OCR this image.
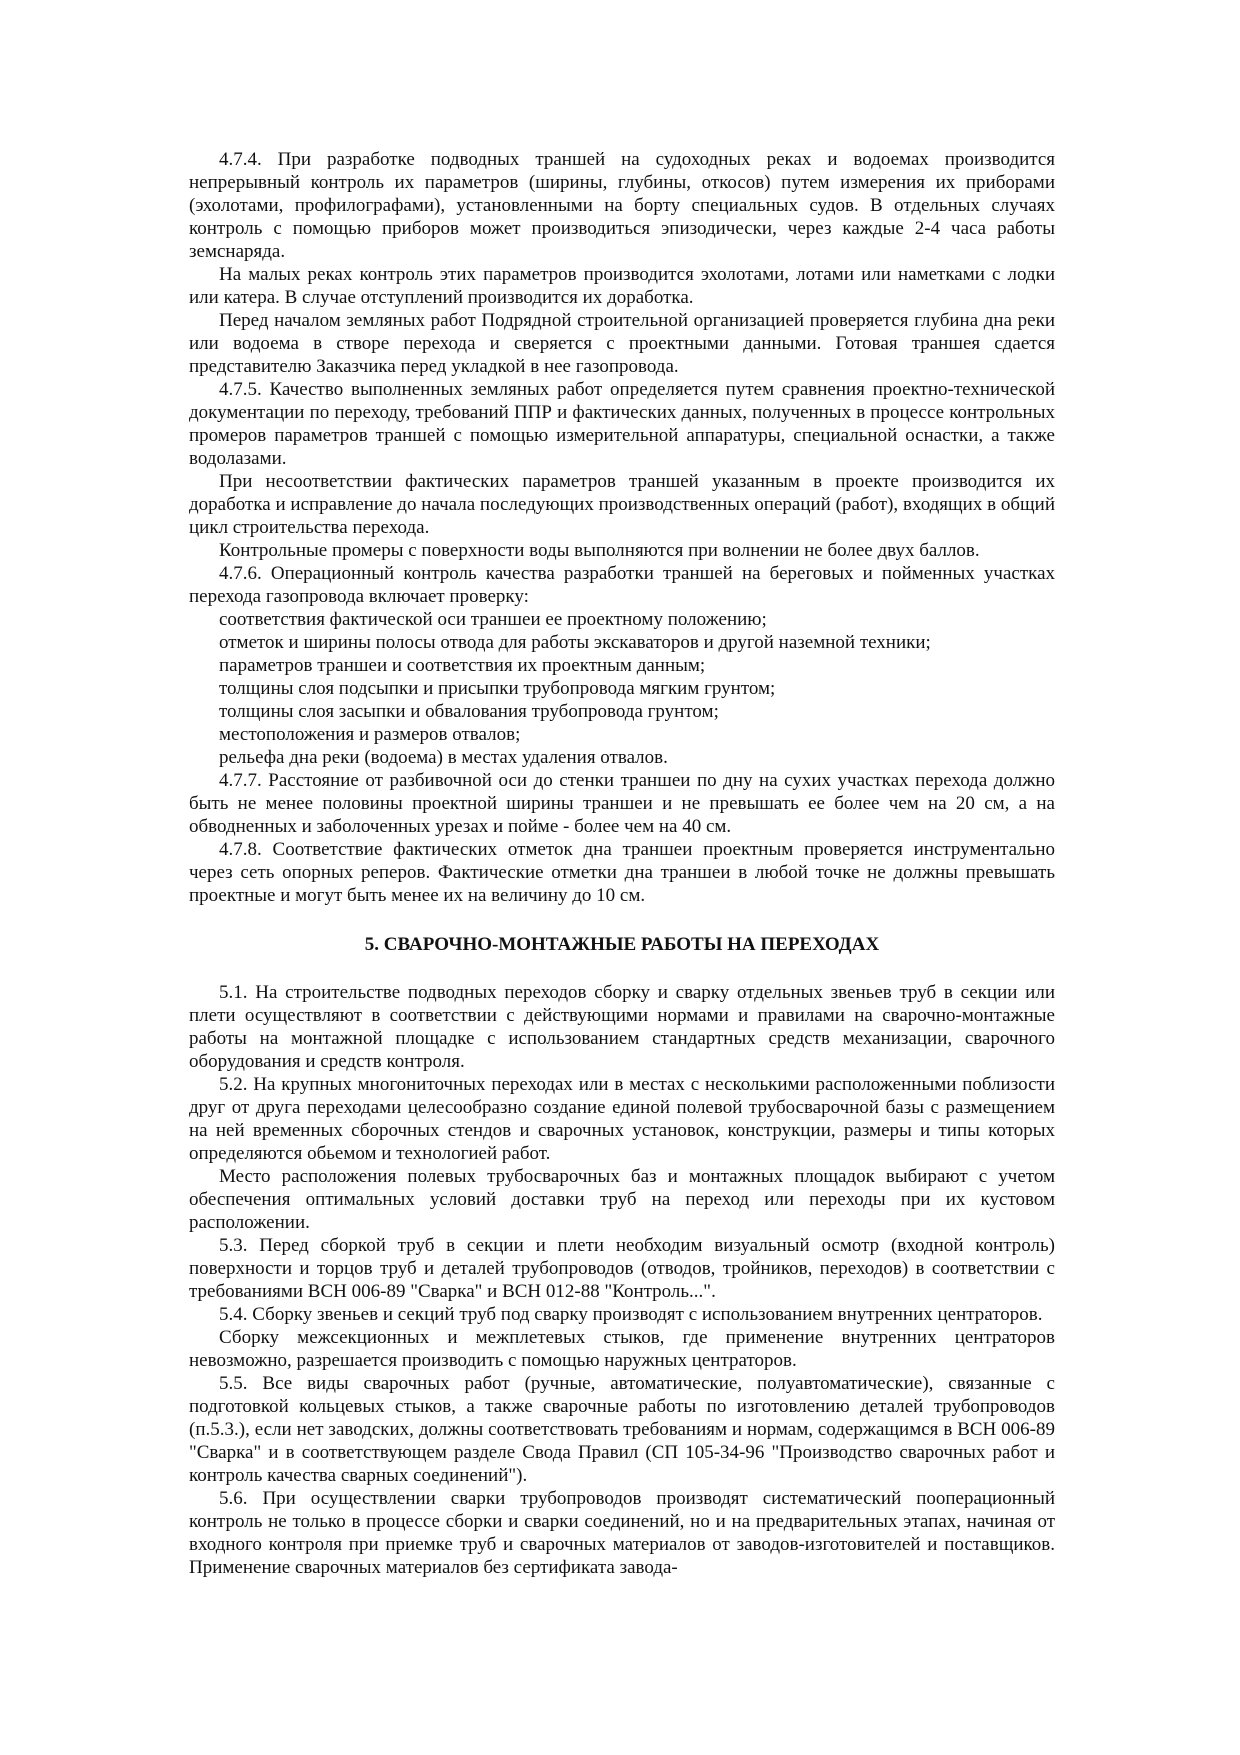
4.7.4. При разработке подводных траншей на судоходных реках и водоемах производится непрерывный контроль их параметров (ширины, глубины, откосов) путем измерения их приборами (эхолотами, профилографами), установленными на борту специальных судов. В отдельных случаях контроль с помощью приборов может производиться эпизодически, через каждые 2-4 часа работы земснаряда.

На малых реках контроль этих параметров производится эхолотами, лотами или наметками с лодки или катера. В случае отступлений производится их доработка.

Перед началом земляных работ Подрядной строительной организацией проверяется глубина дна реки или водоема в створе перехода и сверяется с проектными данными. Готовая траншея сдается представителю Заказчика перед укладкой в нее газопровода.

4.7.5. Качество выполненных земляных работ определяется путем сравнения проектно-технической документации по переходу, требований ППР и фактических данных, полученных в процессе контрольных промеров параметров траншей с помощью измерительной аппаратуры, специальной оснастки, а также водолазами.

При несоответствии фактических параметров траншей указанным в проекте производится их доработка и исправление до начала последующих производственных операций (работ), входящих в общий цикл строительства перехода.

Контрольные промеры с поверхности воды выполняются при волнении не более двух баллов.

4.7.6. Операционный контроль качества разработки траншей на береговых и пойменных участках перехода газопровода включает проверку:

соответствия фактической оси траншеи ее проектному положению;

отметок и ширины полосы отвода для работы экскаваторов и другой наземной техники;

параметров траншеи и соответствия их проектным данным;

толщины слоя подсыпки и присыпки трубопровода мягким грунтом;

толщины слоя засыпки и обвалования трубопровода грунтом;

местоположения и размеров отвалов;

рельефа дна реки (водоема) в местах удаления отвалов.

4.7.7. Расстояние от разбивочной оси до стенки траншеи по дну на сухих участках перехода должно быть не менее половины проектной ширины траншеи и не превышать ее более чем на 20 см, а на обводненных и заболоченных урезах и пойме - более чем на 40 см.

4.7.8. Соответствие фактических отметок дна траншеи проектным проверяется инструментально через сеть опорных реперов. Фактические отметки дна траншеи в любой точке не должны превышать проектные и могут быть менее их на величину до 10 см.

5. СВАРОЧНО-МОНТАЖНЫЕ РАБОТЫ НА ПЕРЕХОДАХ

5.1. На строительстве подводных переходов сборку и сварку отдельных звеньев труб в секции или плети осуществляют в соответствии с действующими нормами и правилами на сварочно-монтажные работы на монтажной площадке с использованием стандартных средств механизации, сварочного оборудования и средств контроля.

5.2. На крупных многониточных переходах или в местах с несколькими расположенными поблизости друг от друга переходами целесообразно создание единой полевой трубосварочной базы с размещением на ней временных сборочных стендов и сварочных установок, конструкции, размеры и типы которых определяются обьемом и технологией работ.

Место расположения полевых трубосварочных баз и монтажных площадок выбирают с учетом обеспечения оптимальных условий доставки труб на переход или переходы при их кустовом расположении.

5.3. Перед сборкой труб в секции и плети необходим визуальный осмотр (входной контроль) поверхности и торцов труб и деталей трубопроводов (отводов, тройников, переходов) в соответствии с требованиями ВСН 006-89 "Сварка" и ВСН 012-88 "Контроль...".

5.4. Сборку звеньев и секций труб под сварку производят с использованием внутренних центраторов.

Сборку межсекционных и межплетевых стыков, где применение внутренних центраторов невозможно, разрешается производить с помощью наружных центраторов.

5.5. Все виды сварочных работ (ручные, автоматические, полуавтоматические), связанные с подготовкой кольцевых стыков, а также сварочные работы по изготовлению деталей трубопроводов (п.5.3.), если нет заводских, должны соответствовать требованиям и нормам, содержащимся в ВСН 006-89 "Сварка" и в соответствующем разделе Свода Правил (СП 105-34-96 "Производство сварочных работ и контроль качества сварных соединений").

5.6. При осуществлении сварки трубопроводов производят систематический пооперационный контроль не только в процессе сборки и сварки соединений, но и на предварительных этапах, начиная от входного контроля при приемке труб и сварочных материалов от заводов-изготовителей и поставщиков. Применение сварочных материалов без сертификата завода-
